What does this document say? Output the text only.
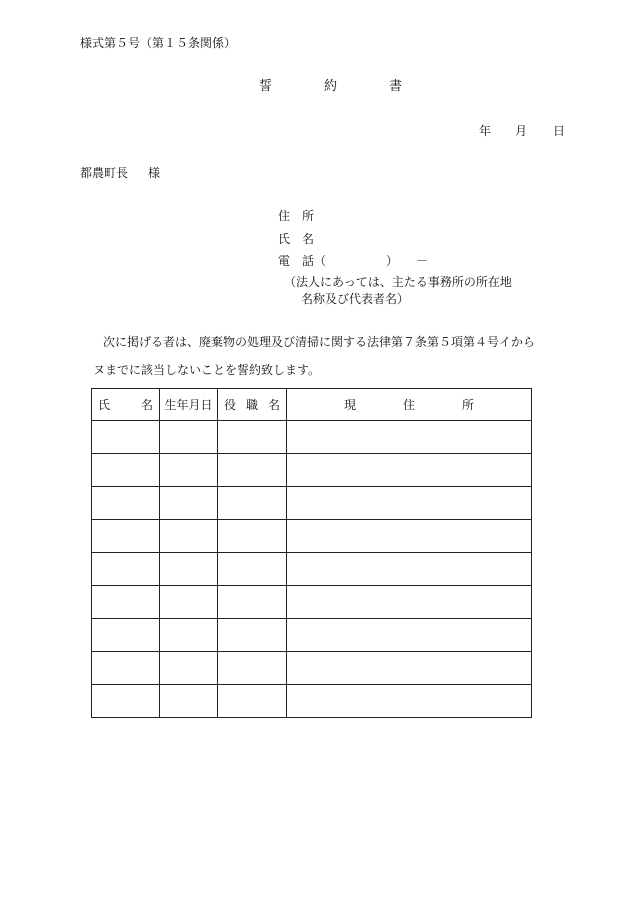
様式第５号（第１５条関係）
誓	約	書
年 月 日
都農町長 様
住　所
氏　名
電　話（　　　　　）　　－
（法人にあっては、主たる事務所の所在地
名称及び代表者名）
次に掲げる者は、廃棄物の処理及び清掃に関する法律第７条第５項第４号イから
ヌまでに該当しないことを誓約致します。
氏 名	生年月日	役 職 名	現 住 所
